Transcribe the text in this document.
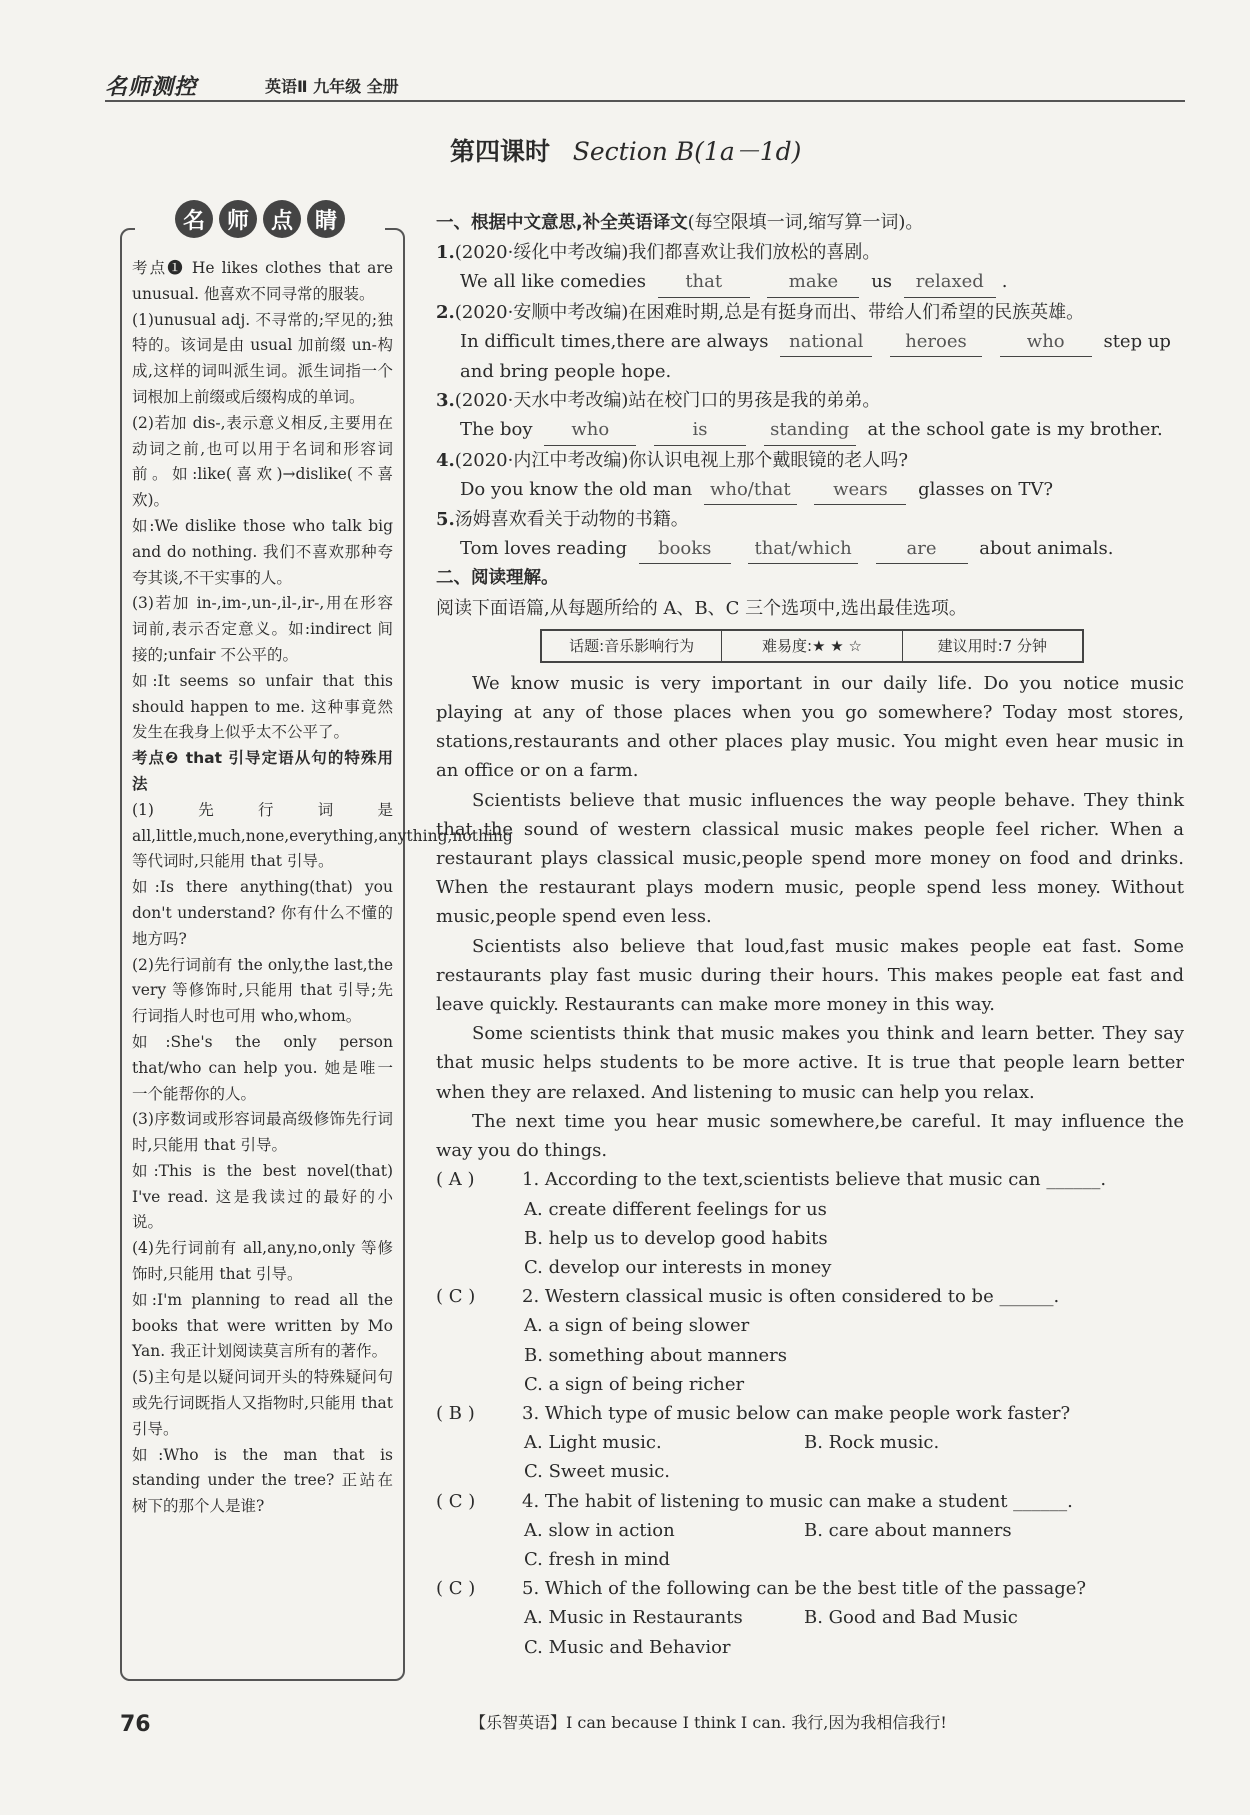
名师测控	英语Ⅱ 九年级 全册
第四课时 Section B(1a－1d)

考点❶ He likes clothes that are unusual. 他喜欢不同寻常的服装。

(1)unusual adj. 不寻常的;罕见的;独特的。该词是由 usual 加前缀 un-构成,这样的词叫派生词。派生词指一个词根加上前缀或后缀构成的单词。

(2)若加 dis-,表示意义相反,主要用在动词之前,也可以用于名词和形容词前。如:like(喜欢)→dislike(不喜欢)。

如:We dislike those who talk big and do nothing. 我们不喜欢那种夸夸其谈,不干实事的人。

(3)若加 in-,im-,un-,il-,ir-,用在形容词前,表示否定意义。如:indirect 间接的;unfair 不公平的。

如:It seems so unfair that this should happen to me. 这种事竟然发生在我身上似乎太不公平了。

考点❷ that 引导定语从句的特殊用法

(1)先行词是 all,little,much,none,everything,anything,nothing 等代词时,只能用 that 引导。

如:Is there anything(that) you don't understand? 你有什么不懂的地方吗?

(2)先行词前有 the only,the last,the very 等修饰时,只能用 that 引导;先行词指人时也可用 who,whom。

如:She's the only person that/who can help you. 她是唯一一个能帮你的人。

(3)序数词或形容词最高级修饰先行词时,只能用 that 引导。

如:This is the best novel(that) I've read. 这是我读过的最好的小说。

(4)先行词前有 all,any,no,only 等修饰时,只能用 that 引导。

如:I'm planning to read all the books that were written by Mo Yan. 我正计划阅读莫言所有的著作。

(5)主句是以疑问词开头的特殊疑问句或先行词既指人又指物时,只能用 that 引导。

如:Who is the man that is standing under the tree? 正站在树下的那个人是谁?

名 师 点 睛	一、根据中文意思,补全英语译文(每空限填一词,缩写算一词)。

1.(2020·绥化中考改编)我们都喜欢让我们放松的喜剧。

We all like comedies that	make us relaxed .

2.(2020·安顺中考改编)在困难时期,总是有挺身而出、带给人们希望的民族英雄。

In difficult times,there are always national heroes	who step up and bring people hope.

3.(2020·天水中考改编)站在校门口的男孩是我的弟弟。

The boy who	is	standing at the school gate is my brother.

4.(2020·内江中考改编)你认识电视上那个戴眼镜的老人吗?

Do you know the old man who/that wears glasses on TV?

5.汤姆喜欢看关于动物的书籍。

Tom loves reading books that/which	are about animals.

二、阅读理解。

阅读下面语篇,从每题所给的 A、B、C 三个选项中,选出最佳选项。

话题:音乐影响行为	难易度:★ ★ ☆	建议用时:7 分钟

We know music is very important in our daily life. Do you notice music playing at any of those places when you go somewhere? Today most stores, stations,restaurants and other places play music. You might even hear music in an office or on a farm.

Scientists believe that music influences the way people behave. They think that the sound of western classical music makes people feel richer. When a restaurant plays classical music,people spend more money on food and drinks. When the restaurant plays modern music, people spend less money. Without music,people spend even less.

Scientists also believe that loud,fast music makes people eat fast. Some restaurants play fast music during their hours. This makes people eat fast and leave quickly. Restaurants can make more money in this way.

Some scientists think that music makes you think and learn better. They say that music helps students to be more active. It is true that people learn better when they are relaxed. And listening to music can help you relax.

The next time you hear music somewhere,be careful. It may influence the way you do things.

( A )	1. According to the text,scientists believe that music can ______.

A. create different feelings for us

B. help us to develop good habits

C. develop our interests in money

( C )	2. Western classical music is often considered to be ______.

A. a sign of being slower

B. something about manners

C. a sign of being richer

( B )	3. Which type of music below can make people work faster?
A. Light music.	B. Rock music.

C. Sweet music.

( C )	4. The habit of listening to music can make a student ______.
A. slow in action	B. care about manners

C. fresh in mind

( C )	5. Which of the following can be the best title of the passage?
A. Music in Restaurants	B. Good and Bad Music

C. Music and Behavior

76	【乐智英语】I can because I think I can. 我行,因为我相信我行!
